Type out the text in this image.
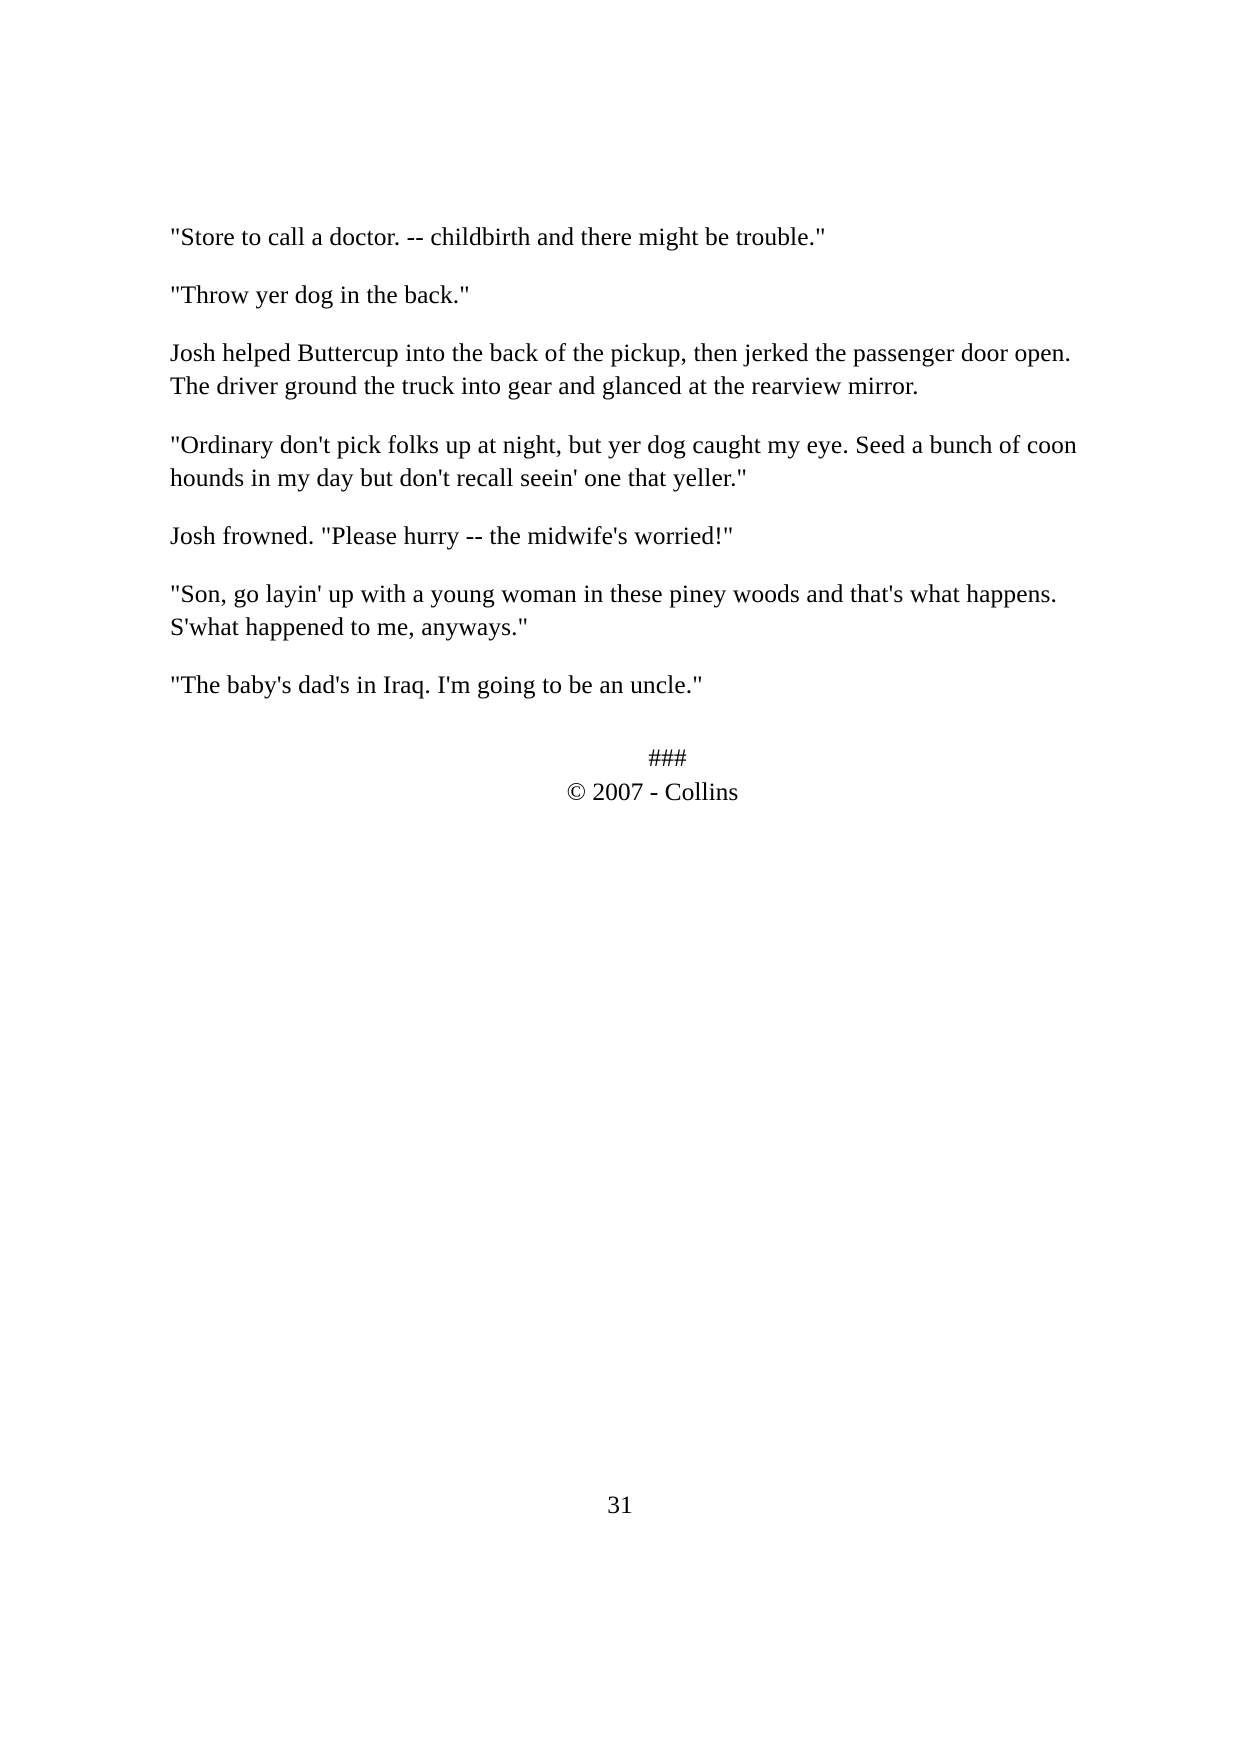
"Store to call a doctor. -- childbirth and there might be trouble."

"Throw yer dog in the back."

Josh helped Buttercup into the back of the pickup, then jerked the passenger door open. The driver ground the truck into gear and glanced at the rearview mirror.

"Ordinary don't pick folks up at night, but yer dog caught my eye. Seed a bunch of coon hounds in my day but don't recall seein' one that yeller."

Josh frowned. "Please hurry -- the midwife's worried!"

"Son, go layin' up with a young woman in these piney woods and that's what happens. S'what happened to me, anyways."

"The baby's dad's in Iraq. I'm going to be an uncle."

###
© 2007 - Collins
31
